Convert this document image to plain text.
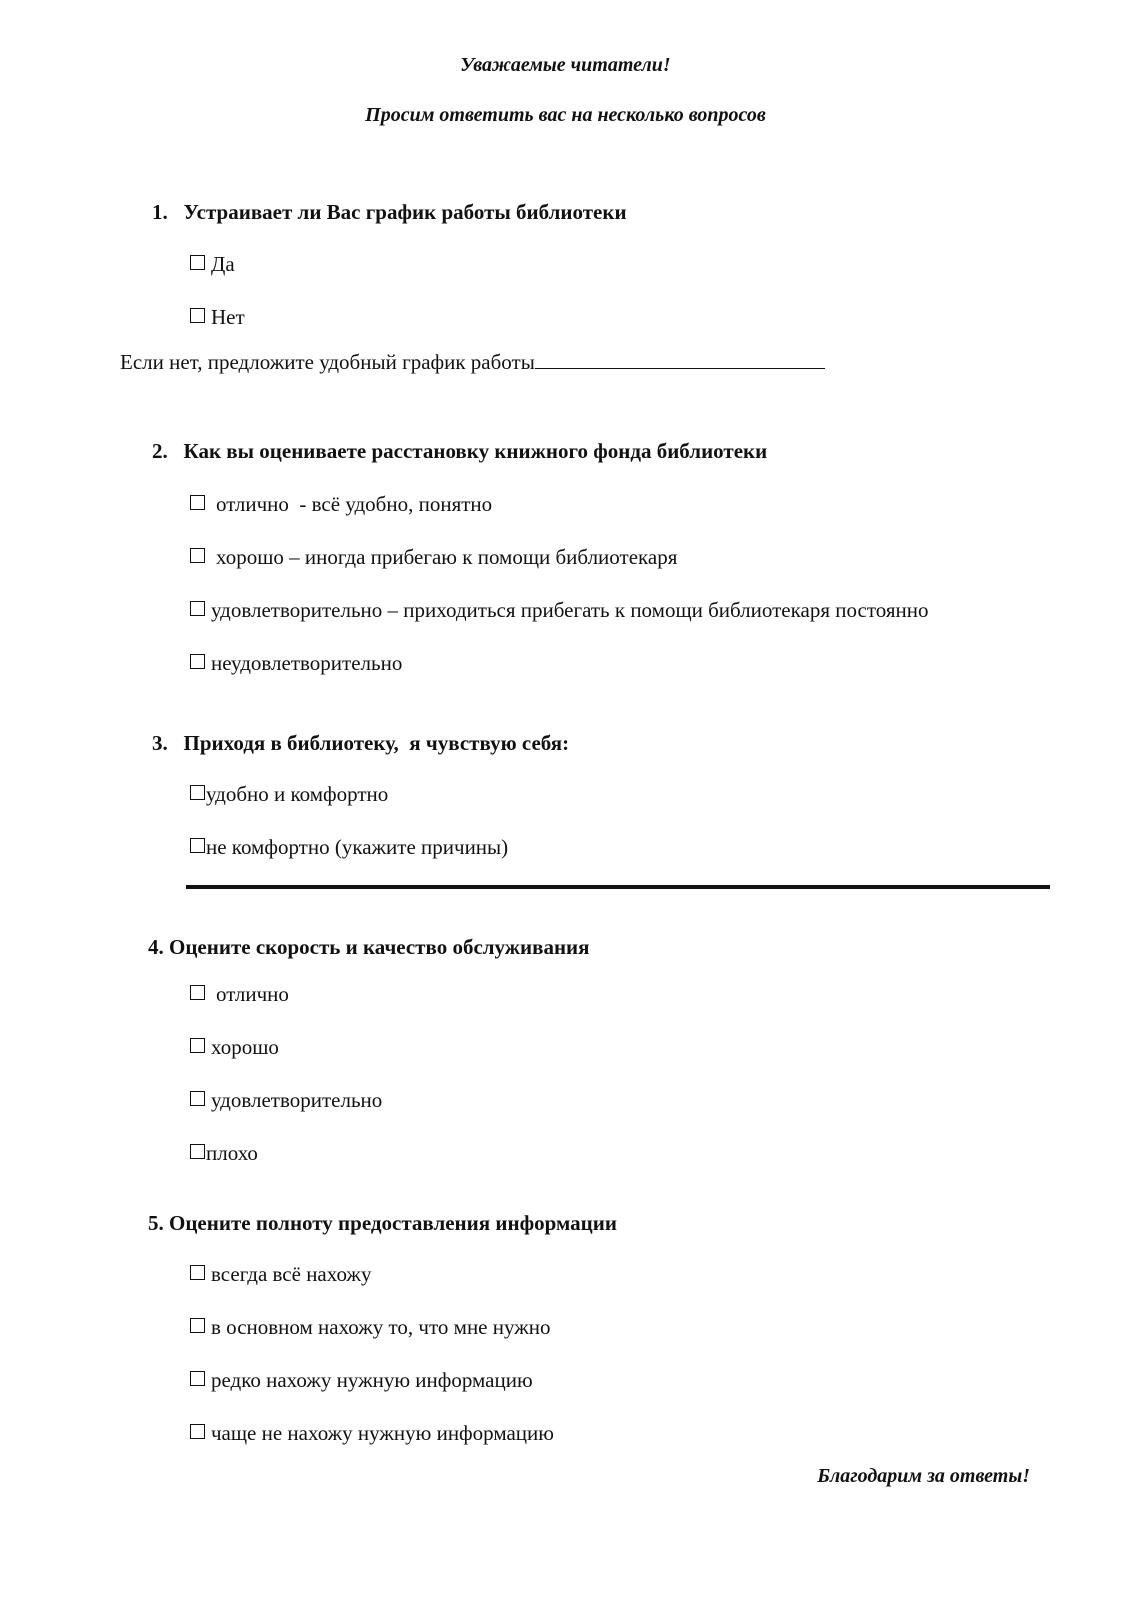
Уважаемые читатели!
Просим ответить вас на несколько вопросов
1. Устраивает ли Вас график работы библиотеки
Да
Нет
Если нет, предложите удобный график работы
2. Как вы оцениваете расстановку книжного фонда библиотеки
отлично  - всё удобно, понятно
хорошо – иногда прибегаю к помощи библиотекаря
удовлетворительно – приходиться прибегать к помощи библиотекаря постоянно
неудовлетворительно
3. Приходя в библиотеку,  я чувствую себя:
удобно и комфортно
не комфортно (укажите причины)
4. Оцените скорость и качество обслуживания
отлично
хорошо
удовлетворительно
плохо
5. Оцените полноту предоставления информации
всегда всё нахожу
в основном нахожу то, что мне нужно
редко нахожу нужную информацию
чаще не нахожу нужную информацию
Благодарим за ответы!
